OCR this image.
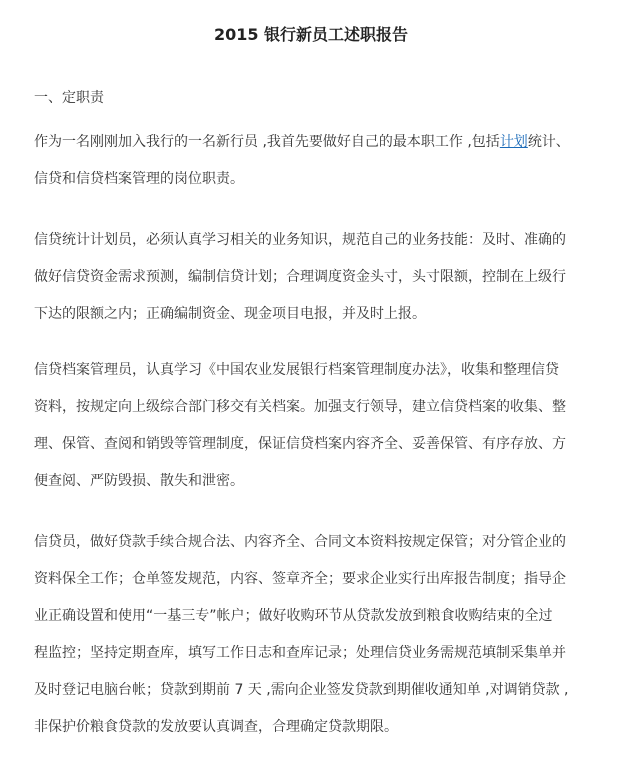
2015 银行新员工述职报告
一、定职责

作为一名刚刚加入我行的一名新行员 ,我首先要做好自己的最本职工作 ,包括计划统计、
信贷和信贷档案管理的岗位职责。

信贷统计计划员，必须认真学习相关的业务知识，规范自己的业务技能：及时、准确的
做好信贷资金需求预测，编制信贷计划；合理调度资金头寸，头寸限额，控制在上级行
下达的限额之内；正确编制资金、现金项目电报，并及时上报。

信贷档案管理员，认真学习《中国农业发展银行档案管理制度办法》，收集和整理信贷
资料，按规定向上级综合部门移交有关档案。加强支行领导，建立信贷档案的收集、整
理、保管、查阅和销毁等管理制度，保证信贷档案内容齐全、妥善保管、有序存放、方
便查阅、严防毁损、散失和泄密。

信贷员，做好贷款手续合规合法、内容齐全、合同文本资料按规定保管；对分管企业的
资料保全工作；仓单签发规范，内容、签章齐全；要求企业实行出库报告制度；指导企
业正确设置和使用“一基三专”帐户；做好收购环节从贷款发放到粮食收购结束的全过
程监控；坚持定期查库，填写工作日志和查库记录；处理信贷业务需规范填制采集单并
及时登记电脑台帐；贷款到期前 7 天 ,需向企业签发贷款到期催收通知单 ,对调销贷款 ,
非保护价粮食贷款的发放要认真调查，合理确定贷款期限。
